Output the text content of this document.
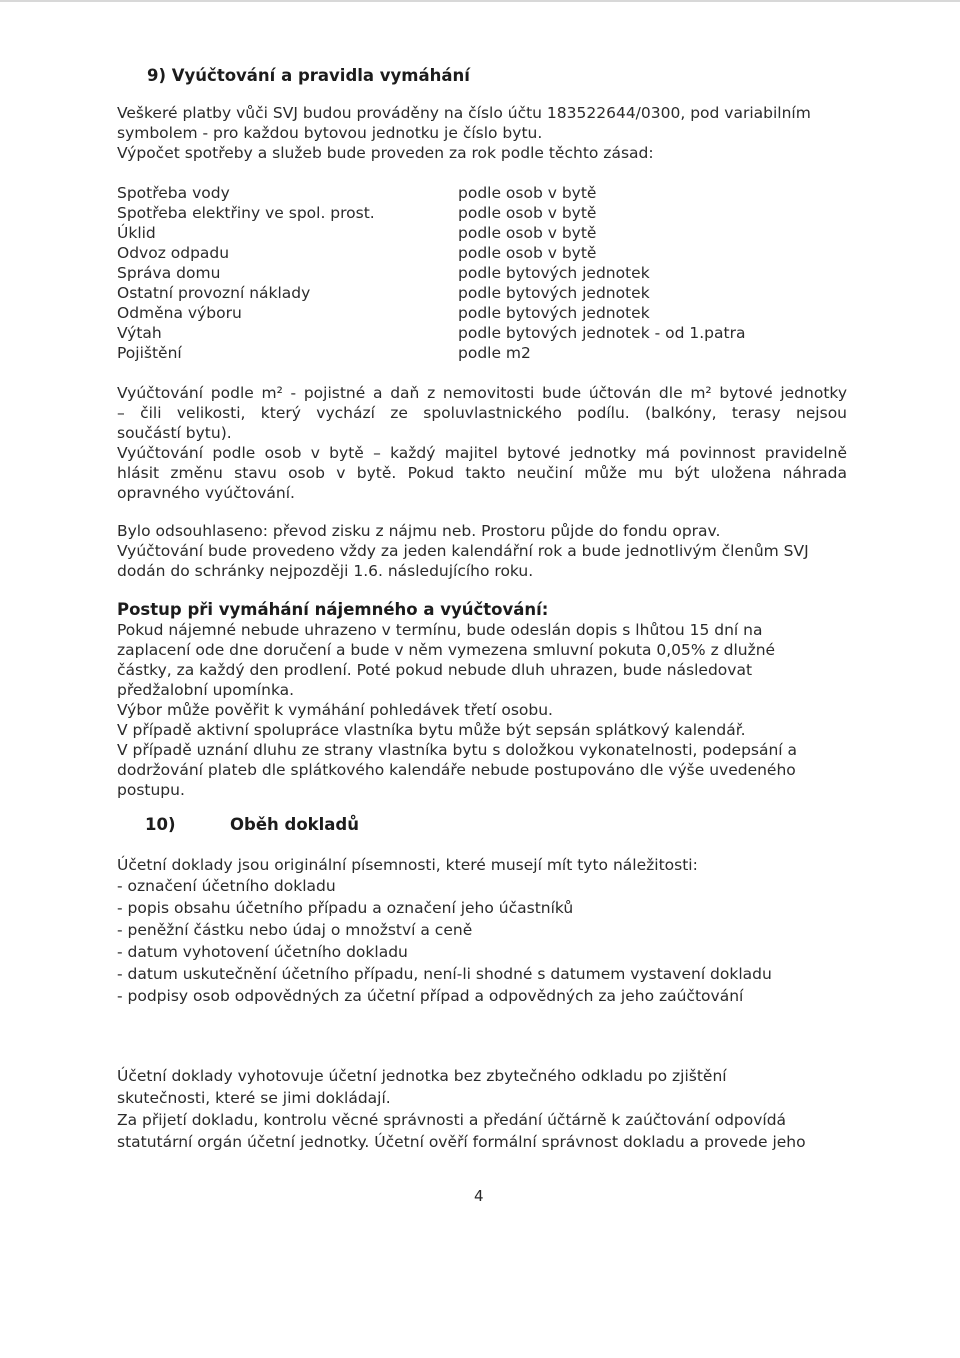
9) Vyúčtování a pravidla vymáhání
Veškeré platby vůči SVJ budou prováděny na číslo účtu 183522644/0300, pod variabilním
symbolem - pro každou bytovou jednotku je číslo bytu.
Výpočet spotřeby a služeb bude proveden za rok podle těchto zásad:
Spotřeba vody	podle osob v bytě
Spotřeba elektřiny ve spol. prost.	podle osob v bytě
Úklid	podle osob v bytě
Odvoz odpadu	podle osob v bytě
Správa domu	podle bytových jednotek
Ostatní provozní náklady	podle bytových jednotek
Odměna výboru	podle bytových jednotek
Výtah	podle bytových jednotek - od 1.patra
Pojištění	podle m2
Vyúčtování podle m² - pojistné a daň z nemovitosti bude účtován dle m² bytové jednotky
– čili velikosti, který vychází ze spoluvlastnického podílu. (balkóny, terasy nejsou
součástí bytu).
Vyúčtování podle osob v bytě – každý majitel bytové jednotky má povinnost pravidelně
hlásit změnu stavu osob v bytě. Pokud takto neučiní může mu být uložena náhrada
opravného vyúčtování.
Bylo odsouhlaseno: převod zisku z nájmu neb. Prostoru půjde do fondu oprav.
Vyúčtování bude provedeno vždy za jeden kalendářní rok a bude jednotlivým členům SVJ
dodán do schránky nejpozději 1.6. následujícího roku.
Postup při vymáhání nájemného a vyúčtování:
Pokud nájemné nebude uhrazeno v termínu, bude odeslán dopis s lhůtou 15 dní na
zaplacení ode dne doručení a bude v něm vymezena smluvní pokuta 0,05% z dlužné
částky, za každý den prodlení. Poté pokud nebude dluh uhrazen, bude následovat
předžalobní upomínka.
Výbor může pověřit k vymáhání pohledávek třetí osobu.
V případě aktivní spolupráce vlastníka bytu může být sepsán splátkový kalendář.
V případě uznání dluhu ze strany vlastníka bytu s doložkou vykonatelnosti, podepsání a
dodržování plateb dle splátkového kalendáře nebude postupováno dle výše uvedeného
postupu.
10)	Oběh dokladů
Účetní doklady jsou originální písemnosti, které musejí mít tyto náležitosti:
- označení účetního dokladu
- popis obsahu účetního případu a označení jeho účastníků
- peněžní částku nebo údaj o množství a ceně
- datum vyhotovení účetního dokladu
- datum uskutečnění účetního případu, není-li shodné s datumem vystavení dokladu
- podpisy osob odpovědných za účetní případ a odpovědných za jeho zaúčtování
Účetní doklady vyhotovuje účetní jednotka bez zbytečného odkladu po zjištění
skutečnosti, které se jimi dokládají.
Za přijetí dokladu, kontrolu věcné správnosti a předání účtárně k zaúčtování odpovídá
statutární orgán účetní jednotky. Účetní ověří formální správnost dokladu a provede jeho
4
